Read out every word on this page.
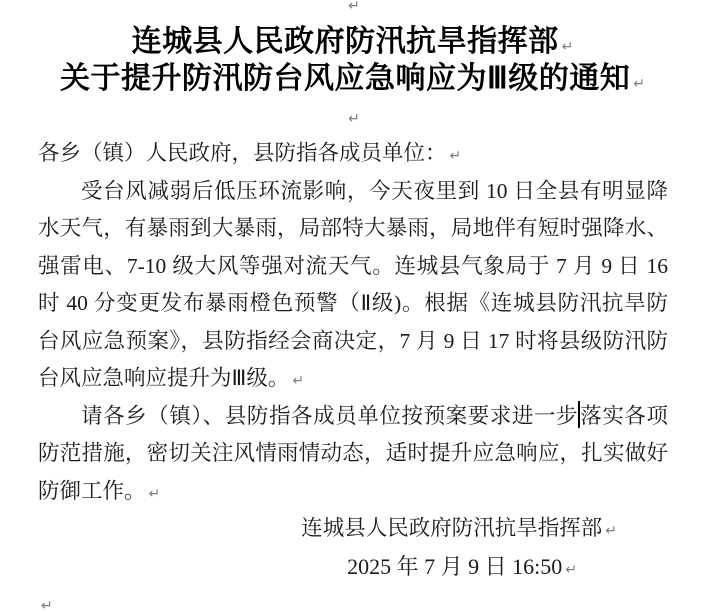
↵
连城县人民政府防汛抗旱指挥部 ↵
关于提升防汛防台风应急响应为Ⅲ级的通知 ↵
↵
各乡（镇）人民政府，县防指各成员单位： ↵
受台风减弱后低压环流影响，今天夜里到 10 日全县有明显降
水天气，有暴雨到大暴雨，局部特大暴雨，局地伴有短时强降水、
强雷电、7-10 级大风等强对流天气。连城县气象局于 7 月 9 日 16
时 40 分变更发布暴雨橙色预警（Ⅱ级)。根据《连城县防汛抗旱防
台风应急预案》，县防指经会商决定，7 月 9 日 17 时将县级防汛防
台风应急响应提升为Ⅲ级。 ↵
请各乡（镇）、县防指各成员单位按预案要求进一步落实各项
防范措施，密切关注风情雨情动态，适时提升应急响应，扎实做好
防御工作。 ↵
连城县人民政府防汛抗旱指挥部 ↵
2025 年 7 月 9 日 16:50 ↵
↵
